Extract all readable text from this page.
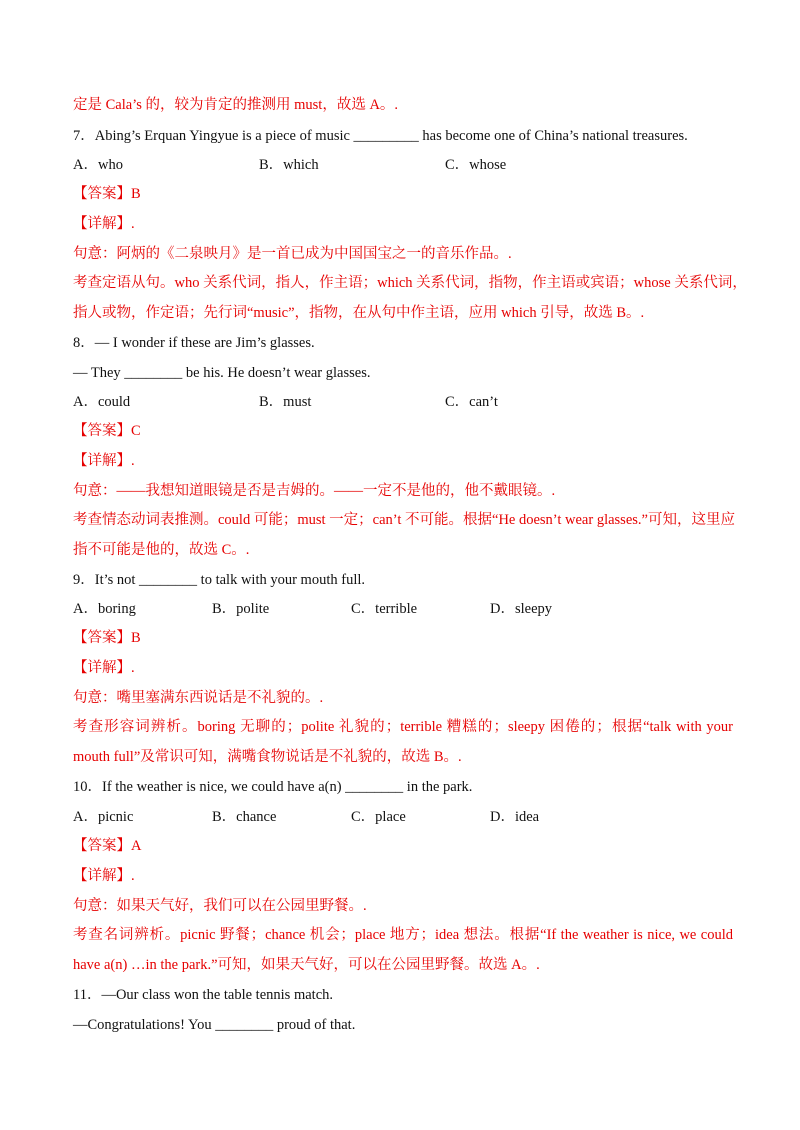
定是 Cala’s 的，较为肯定的推测用 must，故选 A。.
7．Abing’s Erquan Yingyue is a piece of music _________ has become one of China’s national treasures.
A．who	B．which	C．whose
【答案】B
【详解】.
句意：阿炳的《二泉映月》是一首已成为中国国宝之一的音乐作品。.
考查定语从句。who 关系代词，指人，作主语；which 关系代词，指物，作主语或宾语；whose 关系代词，
指人或物，作定语；先行词“music”，指物，在从句中作主语，应用 which 引导，故选 B。.
8．— I wonder if these are Jim’s glasses.
— They ________ be his. He doesn’t wear glasses.
A．could	B．must	C．can’t
【答案】C
【详解】.
句意：——我想知道眼镜是否是吉姆的。——一定不是他的，他不戴眼镜。.
考查情态动词表推测。could 可能；must 一定；can’t 不可能。根据“He doesn’t wear glasses.”可知，这里应
指不可能是他的，故选 C。.
9．It’s not ________ to talk with your mouth full.
A．boring	B．polite	C．terrible	D．sleepy
【答案】B
【详解】.
句意：嘴里塞满东西说话是不礼貌的。.
考查形容词辨析。boring 无聊的；polite 礼貌的；terrible 糟糕的；sleepy 困倦的；根据“talk with your
mouth full”及常识可知，满嘴食物说话是不礼貌的，故选 B。.
10．If the weather is nice, we could have a(n) ________ in the park.
A．picnic	B．chance	C．place	D．idea
【答案】A
【详解】.
句意：如果天气好，我们可以在公园里野餐。.
考查名词辨析。picnic 野餐；chance 机会；place 地方；idea 想法。根据“If the weather is nice, we could
have a(n) …in the park.”可知，如果天气好，可以在公园里野餐。故选 A。.
11．—Our class won the table tennis match.
—Congratulations! You ________ proud of that.
